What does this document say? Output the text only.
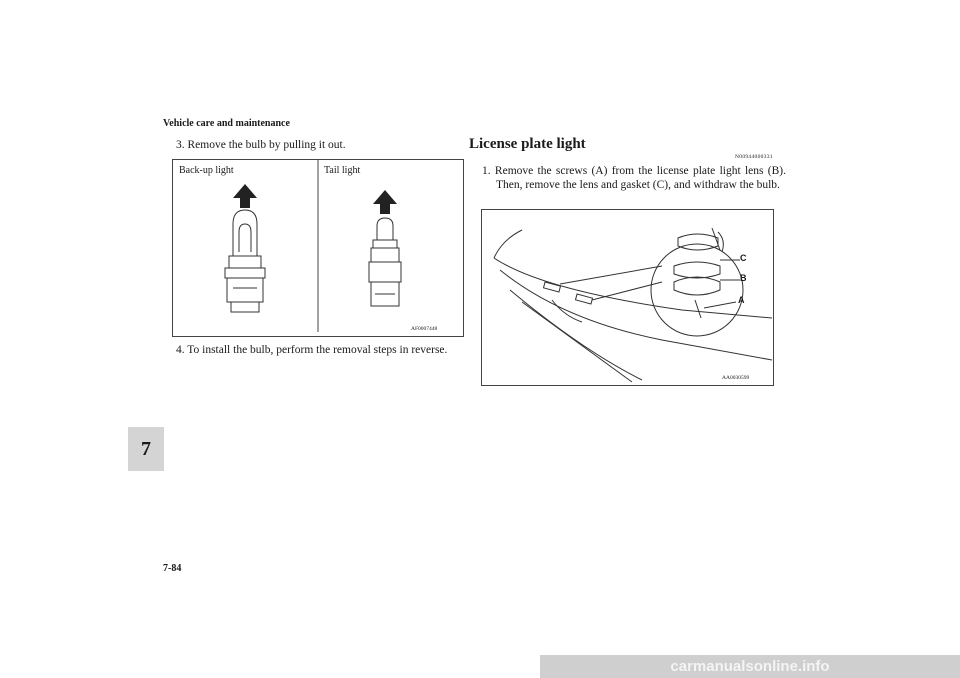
Vehicle care and maintenance
3. Remove the bulb by pulling it out.
Back-up light	Tail light
AF0007448
4. To install the bulb, perform the removal steps in reverse.
License plate light
N00944000331
1. Remove the screws (A) from the license plate light lens (B). Then, remove the lens and gasket (C), and withdraw the bulb.
C
B
A
AA0030599
7
7-84
carmanualsonline.info
